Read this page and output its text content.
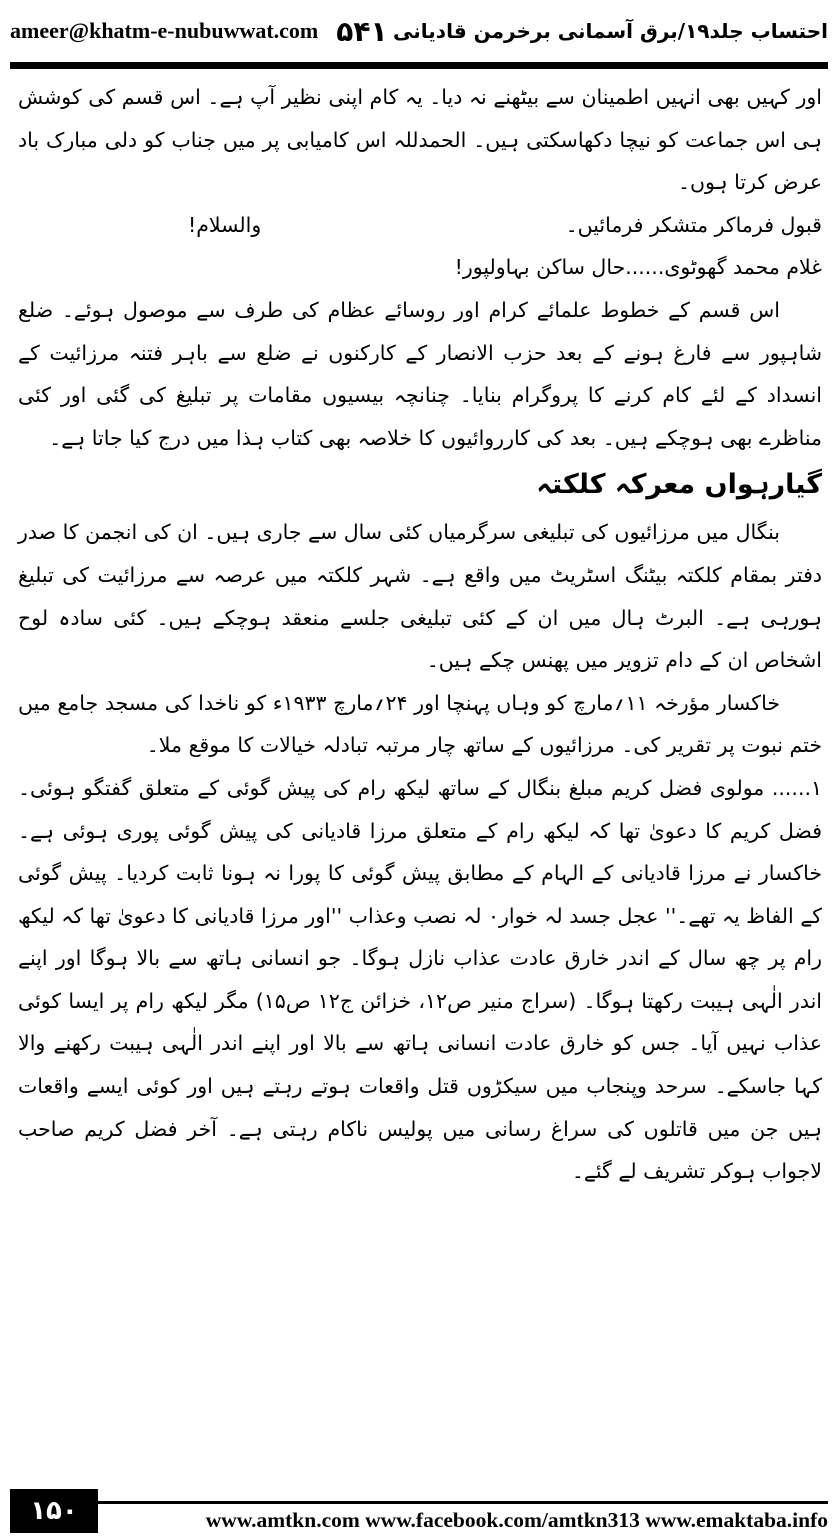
ameer@khatm-e-nubuwwat.com ۵۴۱ احتساب جلد۱۹/برق آسمانی برخرمن قادیانی

اور کہیں بھی انہیں اطمینان سے بیٹھنے نہ دیا۔ یہ کام اپنی نظیر آپ ہے۔ اس قسم کی کوشش ہی اس جماعت کو نیچا دکھاسکتی ہیں۔ الحمدللہ اس کامیابی پر میں جناب کو دلی مبارک باد عرض کرتا ہوں۔

قبول فرماکر متشکر فرمائیں۔
والسلام!

غلام محمد گھوٹوی......حال ساکن بہاولپور!

اس قسم کے خطوط علمائے کرام اور روسائے عظام کی طرف سے موصول ہوئے۔ ضلع شاہپور سے فارغ ہونے کے بعد حزب الانصار کے کارکنوں نے ضلع سے باہر فتنہ مرزائیت کے انسداد کے لئے کام کرنے کا پروگرام بنایا۔ چنانچہ بیسیوں مقامات پر تبلیغ کی گئی اور کئی مناظرے بھی ہوچکے ہیں۔ بعد کی کارروائیوں کا خلاصہ بھی کتاب ہذا میں درج کیا جاتا ہے۔

گیارہواں معرکہ کلکتہ

بنگال میں مرزائیوں کی تبلیغی سرگرمیاں کئی سال سے جاری ہیں۔ ان کی انجمن کا صدر دفتر بمقام کلکتہ بیٹنگ اسٹریٹ میں واقع ہے۔ شہر کلکتہ میں عرصہ سے مرزائیت کی تبلیغ ہورہی ہے۔ البرٹ ہال میں ان کے کئی تبلیغی جلسے منعقد ہوچکے ہیں۔ کئی سادہ لوح اشخاص ان کے دام تزویر میں پھنس چکے ہیں۔

خاکسار مؤرخہ ۱۱؍مارچ کو وہاں پہنچا اور ۲۴؍مارچ ۱۹۳۳ء کو ناخدا کی مسجد جامع میں ختم نبوت پر تقریر کی۔ مرزائیوں کے ساتھ چار مرتبہ تبادلہ خیالات کا موقع ملا۔

۱...... مولوی فضل کریم مبلغ بنگال کے ساتھ لیکھ رام کی پیش گوئی کے متعلق گفتگو ہوئی۔ فضل کریم کا دعویٰ تھا کہ لیکھ رام کے متعلق مرزا قادیانی کی پیش گوئی پوری ہوئی ہے۔ خاکسار نے مرزا قادیانی کے الہام کے مطابق پیش گوئی کا پورا نہ ہونا ثابت کردیا۔ پیش گوئی کے الفاظ یہ تھے۔'' عجل جسد لہ خوار۰ لہ نصب وعذاب ''اور مرزا قادیانی کا دعویٰ تھا کہ لیکھ رام پر چھ سال کے اندر خارق عادت عذاب نازل ہوگا۔ جو انسانی ہاتھ سے بالا ہوگا اور اپنے اندر الٰہی ہیبت رکھتا ہوگا۔ (سراج منیر ص۱۲، خزائن ج۱۲ ص۱۵) مگر لیکھ رام پر ایسا کوئی عذاب نہیں آیا۔ جس کو خارق عادت انسانی ہاتھ سے بالا اور اپنے اندر الٰہی ہیبت رکھنے والا کہا جاسکے۔ سرحد وپنجاب میں سیکڑوں قتل واقعات ہوتے رہتے ہیں اور کوئی ایسے واقعات ہیں جن میں قاتلوں کی سراغ رسانی میں پولیس ناکام رہتی ہے۔ آخر فضل کریم صاحب لاجواب ہوکر تشریف لے گئے۔

۱۵۰	www.amtkn.com www.facebook.com/amtkn313 www.emaktaba.info
